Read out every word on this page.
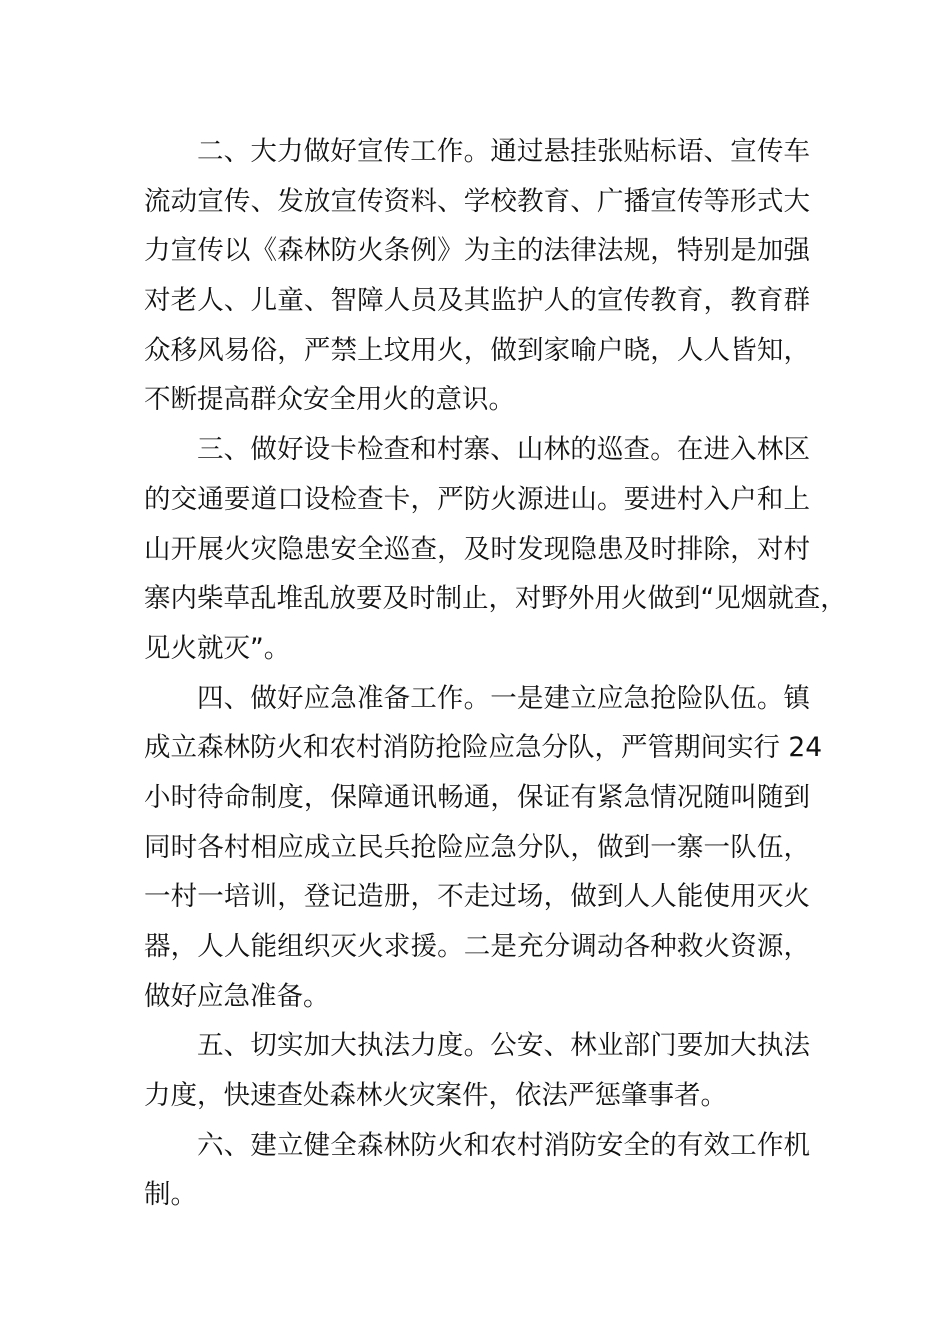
二、大力做好宣传工作。通过悬挂张贴标语、宣传车
流动宣传、发放宣传资料、学校教育、广播宣传等形式大
力宣传以《森林防火条例》为主的法律法规，特别是加强
对老人、儿童、智障人员及其监护人的宣传教育，教育群
众移风易俗，严禁上坟用火，做到家喻户晓，人人皆知，
不断提高群众安全用火的意识。
三、做好设卡检查和村寨、山林的巡查。在进入林区
的交通要道口设检查卡，严防火源进山。要进村入户和上
山开展火灾隐患安全巡查，及时发现隐患及时排除，对村
寨内柴草乱堆乱放要及时制止，对野外用火做到“见烟就查，
见火就灭”。
四、做好应急准备工作。一是建立应急抢险队伍。镇
成立森林防火和农村消防抢险应急分队，严管期间实行 24
小时待命制度，保障通讯畅通，保证有紧急情况随叫随到
同时各村相应成立民兵抢险应急分队，做到一寨一队伍，
一村一培训，登记造册，不走过场，做到人人能使用灭火
器，人人能组织灭火求援。二是充分调动各种救火资源，
做好应急准备。
五、切实加大执法力度。公安、林业部门要加大执法
力度，快速查处森林火灾案件，依法严惩肇事者。
六、建立健全森林防火和农村消防安全的有效工作机
制。
